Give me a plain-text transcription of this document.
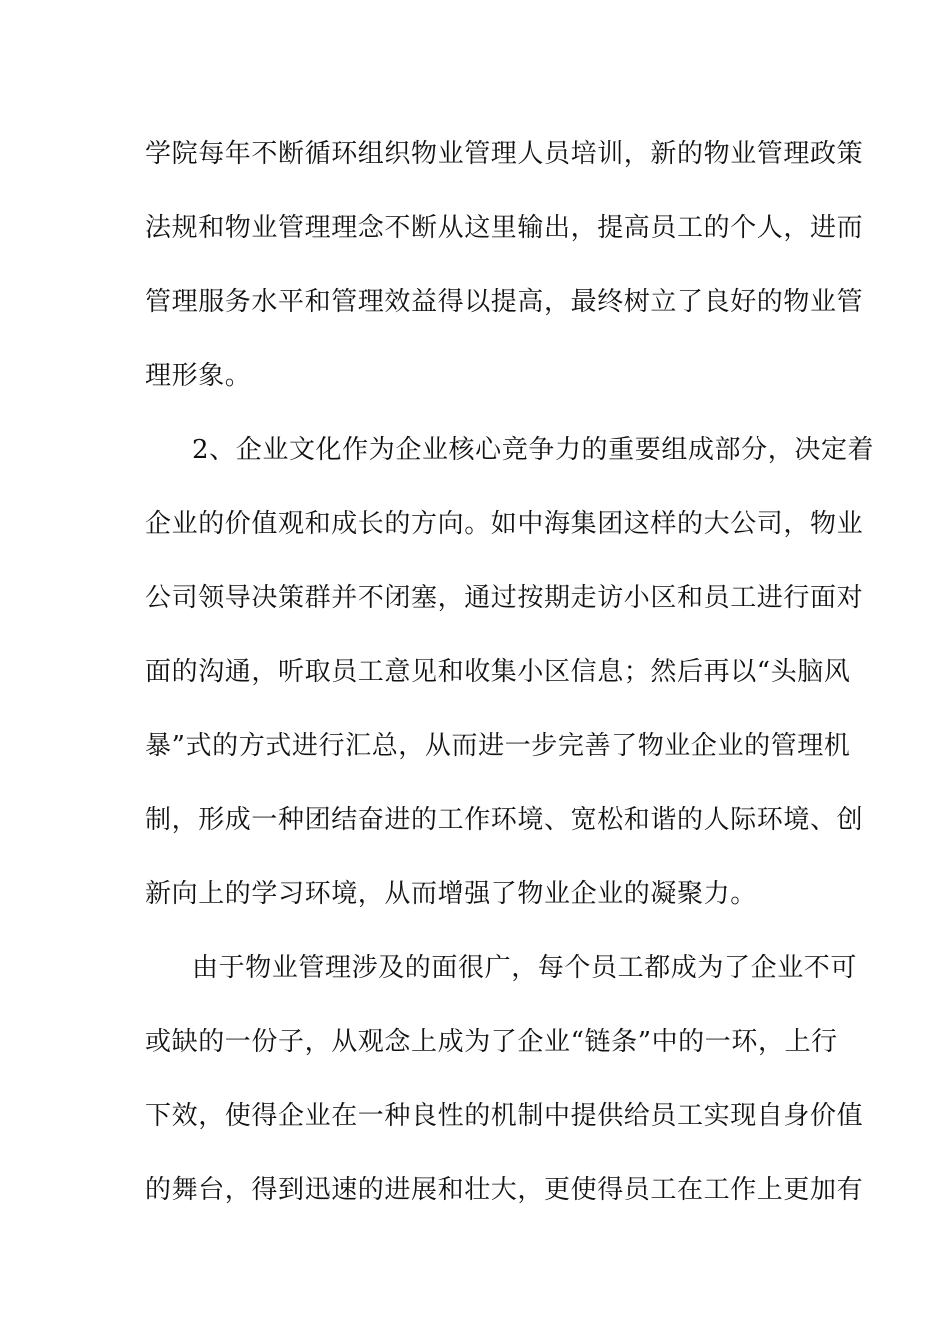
学院每年不断循环组织物业管理人员培训，新的物业管理政策
法规和物业管理理念不断从这里输出，提高员工的个人，进而
管理服务水平和管理效益得以提高，最终树立了良好的物业管
理形象。
2、企业文化作为企业核心竞争力的重要组成部分，决定着
企业的价值观和成长的方向。如中海集团这样的大公司，物业
公司领导决策群并不闭塞，通过按期走访小区和员工进行面对
面的沟通，听取员工意见和收集小区信息；然后再以“头脑风
暴”式的方式进行汇总，从而进一步完善了物业企业的管理机
制，形成一种团结奋进的工作环境、宽松和谐的人际环境、创
新向上的学习环境，从而增强了物业企业的凝聚力。
由于物业管理涉及的面很广，每个员工都成为了企业不可
或缺的一份子，从观念上成为了企业“链条”中的一环，上行
下效，使得企业在一种良性的机制中提供给员工实现自身价值
的舞台，得到迅速的进展和壮大，更使得员工在工作上更加有
